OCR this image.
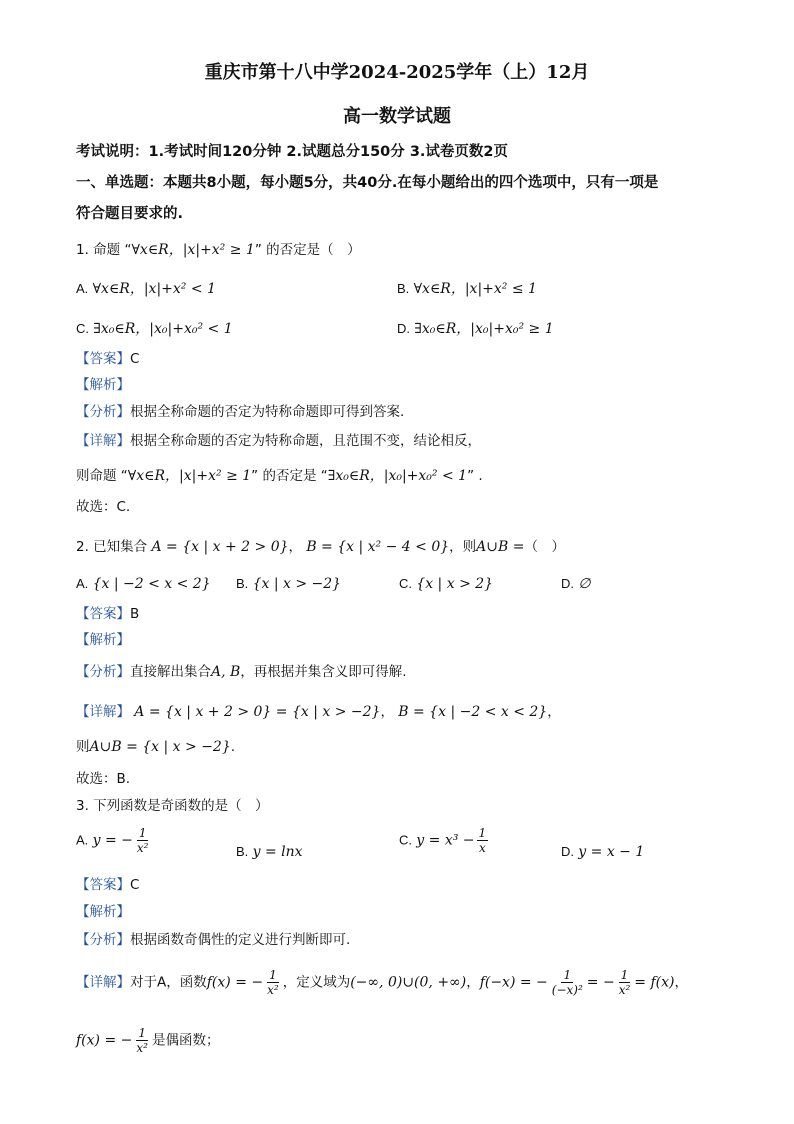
重庆市第十八中学2024-2025学年（上）12月
高一数学试题
考试说明：1.考试时间120分钟 2.试题总分150分 3.试卷页数2页
一、单选题：本题共8小题，每小题5分，共40分.在每小题给出的四个选项中，只有一项是
符合题目要求的.
1. 命题 “∀x∈R，|x|+x² ≥ 1” 的否定是（　）
A. ∀x∈R，|x|+x² < 1	B. ∀x∈R，|x|+x² ≤ 1
C. ∃x₀∈R，|x₀|+x₀² < 1	D. ∃x₀∈R，|x₀|+x₀² ≥ 1
【答案】C
【解析】
【分析】根据全称命题的否定为特称命题即可得到答案.
【详解】根据全称命题的否定为特称命题，且范围不变，结论相反，
则命题 “∀x∈R，|x|+x² ≥ 1” 的否定是 “∃x₀∈R，|x₀|+x₀² < 1” .
故选：C.
2. 已知集合 A = {x | x + 2 > 0}， B = {x | x² − 4 < 0}，则A∪B =（　）
A. {x | −2 < x < 2} B. {x | x > −2}	C. {x | x > 2}	D. ∅
【答案】B
【解析】
【分析】直接解出集合A, B，再根据并集含义即可得解.
【详解】 A = {x | x + 2 > 0} = {x | x > −2}， B = {x | −2 < x < 2}，
则A∪B = {x | x > −2}.
故选：B.
3. 下列函数是奇函数的是（　）
A. y = − $\frac{1}{\text{x²}}$	B. y = lnx
C. $y = x^3 - \frac{1}{x}$	D. y = x − 1
【答案】C
【解析】
【分析】根据函数奇偶性的定义进行判断即可.
【详解】对于A，函数f(x) = − $\frac{1}{\text{x²}}$ ，定义域为(−∞, 0)∪(0, +∞)，f(−x) = − $\frac{1}{\text{(−x)²}}$ = − $\frac{1}{\text{x²}} = f(x)$，
f(x) = − $\frac{1}{\text{x²}}$ 是偶函数；
